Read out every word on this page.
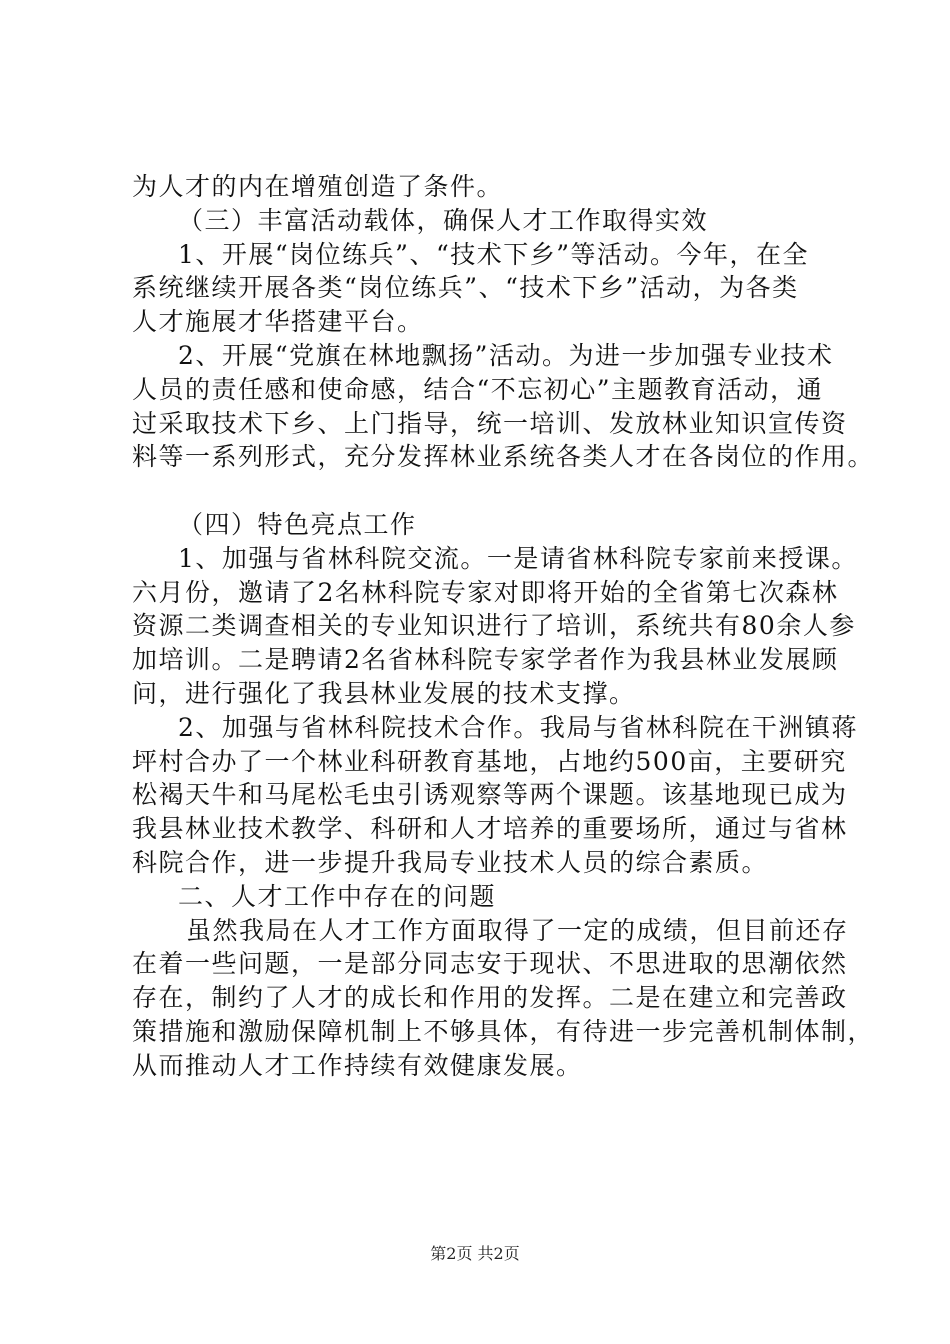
为人才的内在增殖创造了条件。
（三）丰富活动载体，确保人才工作取得实效
1、开展“岗位练兵”、“技术下乡”等活动。今年，在全
系统继续开展各类“岗位练兵”、“技术下乡”活动，为各类
人才施展才华搭建平台。
2、开展“党旗在林地飘扬”活动。为进一步加强专业技术
人员的责任感和使命感，结合“不忘初心”主题教育活动，通
过采取技术下乡、上门指导，统一培训、发放林业知识宣传资
料等一系列形式，充分发挥林业系统各类人才在各岗位的作用。
（四）特色亮点工作
1、加强与省林科院交流。一是请省林科院专家前来授课。
六月份，邀请了2名林科院专家对即将开始的全省第七次森林
资源二类调查相关的专业知识进行了培训，系统共有80余人参
加培训。二是聘请2名省林科院专家学者作为我县林业发展顾
问，进行强化了我县林业发展的技术支撑。
2、加强与省林科院技术合作。我局与省林科院在干洲镇蒋
坪村合办了一个林业科研教育基地，占地约500亩，主要研究
松褐天牛和马尾松毛虫引诱观察等两个课题。该基地现已成为
我县林业技术教学、科研和人才培养的重要场所，通过与省林
科院合作，进一步提升我局专业技术人员的综合素质。
二、人才工作中存在的问题
虽然我局在人才工作方面取得了一定的成绩，但目前还存
在着一些问题，一是部分同志安于现状、不思进取的思潮依然
存在，制约了人才的成长和作用的发挥。二是在建立和完善政
策措施和激励保障机制上不够具体，有待进一步完善机制体制，
从而推动人才工作持续有效健康发展。
第2页 共2页
